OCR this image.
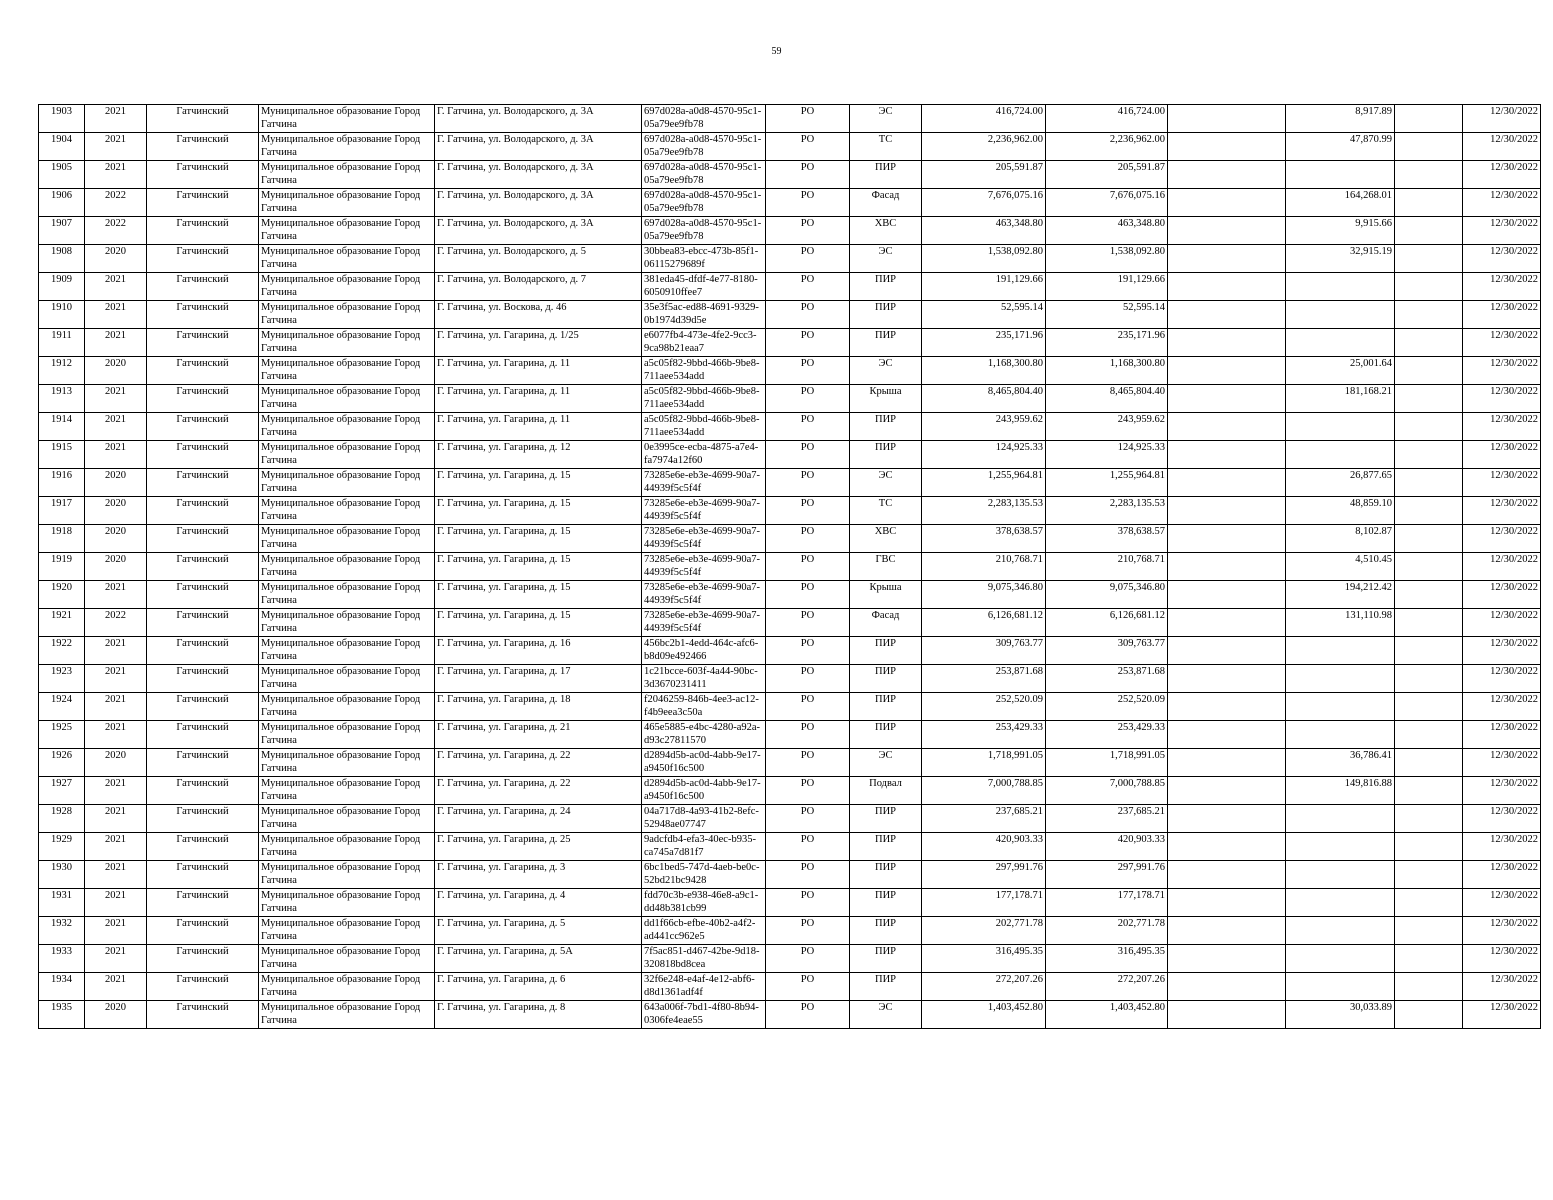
59
1903	2021	Гатчинский	Муниципальное образование Город Гатчина	Г. Гатчина, ул. Володарского, д. 3А	697d028a-a0d8-4570-95c1-05a79ee9fb78	РО	ЭС	416,724.00	416,724.00		8,917.89		12/30/2022
1904	2021	Гатчинский	Муниципальное образование Город Гатчина	Г. Гатчина, ул. Володарского, д. 3А	697d028a-a0d8-4570-95c1-05a79ee9fb78	РО	ТС	2,236,962.00	2,236,962.00		47,870.99		12/30/2022
1905	2021	Гатчинский	Муниципальное образование Город Гатчина	Г. Гатчина, ул. Володарского, д. 3А	697d028a-a0d8-4570-95c1-05a79ee9fb78	РО	ПИР	205,591.87	205,591.87				12/30/2022
1906	2022	Гатчинский	Муниципальное образование Город Гатчина	Г. Гатчина, ул. Володарского, д. 3А	697d028a-a0d8-4570-95c1-05a79ee9fb78	РО	Фасад	7,676,075.16	7,676,075.16		164,268.01		12/30/2022
1907	2022	Гатчинский	Муниципальное образование Город Гатчина	Г. Гатчина, ул. Володарского, д. 3А	697d028a-a0d8-4570-95c1-05a79ee9fb78	РО	ХВС	463,348.80	463,348.80		9,915.66		12/30/2022
1908	2020	Гатчинский	Муниципальное образование Город Гатчина	Г. Гатчина, ул. Володарского, д. 5	30bbea83-ebcc-473b-85f1-06115279689f	РО	ЭС	1,538,092.80	1,538,092.80		32,915.19		12/30/2022
1909	2021	Гатчинский	Муниципальное образование Город Гатчина	Г. Гатчина, ул. Володарского, д. 7	381eda45-dfdf-4e77-8180-6050910ffee7	РО	ПИР	191,129.66	191,129.66				12/30/2022
1910	2021	Гатчинский	Муниципальное образование Город Гатчина	Г. Гатчина, ул. Воскова, д. 46	35e3f5ac-ed88-4691-9329-0b1974d39d5e	РО	ПИР	52,595.14	52,595.14				12/30/2022
1911	2021	Гатчинский	Муниципальное образование Город Гатчина	Г. Гатчина, ул. Гагарина, д. 1/25	e6077fb4-473e-4fe2-9cc3-9ca98b21eaa7	РО	ПИР	235,171.96	235,171.96				12/30/2022
1912	2020	Гатчинский	Муниципальное образование Город Гатчина	Г. Гатчина, ул. Гагарина, д. 11	a5c05f82-9bbd-466b-9be8-711aee534add	РО	ЭС	1,168,300.80	1,168,300.80		25,001.64		12/30/2022
1913	2021	Гатчинский	Муниципальное образование Город Гатчина	Г. Гатчина, ул. Гагарина, д. 11	a5c05f82-9bbd-466b-9be8-711aee534add	РО	Крыша	8,465,804.40	8,465,804.40		181,168.21		12/30/2022
1914	2021	Гатчинский	Муниципальное образование Город Гатчина	Г. Гатчина, ул. Гагарина, д. 11	a5c05f82-9bbd-466b-9be8-711aee534add	РО	ПИР	243,959.62	243,959.62				12/30/2022
1915	2021	Гатчинский	Муниципальное образование Город Гатчина	Г. Гатчина, ул. Гагарина, д. 12	0e3995ce-ecba-4875-a7e4-fa7974a12f60	РО	ПИР	124,925.33	124,925.33				12/30/2022
1916	2020	Гатчинский	Муниципальное образование Город Гатчина	Г. Гатчина, ул. Гагарина, д. 15	73285e6e-eb3e-4699-90a7-44939f5c5f4f	РО	ЭС	1,255,964.81	1,255,964.81		26,877.65		12/30/2022
1917	2020	Гатчинский	Муниципальное образование Город Гатчина	Г. Гатчина, ул. Гагарина, д. 15	73285e6e-eb3e-4699-90a7-44939f5c5f4f	РО	ТС	2,283,135.53	2,283,135.53		48,859.10		12/30/2022
1918	2020	Гатчинский	Муниципальное образование Город Гатчина	Г. Гатчина, ул. Гагарина, д. 15	73285e6e-eb3e-4699-90a7-44939f5c5f4f	РО	ХВС	378,638.57	378,638.57		8,102.87		12/30/2022
1919	2020	Гатчинский	Муниципальное образование Город Гатчина	Г. Гатчина, ул. Гагарина, д. 15	73285e6e-eb3e-4699-90a7-44939f5c5f4f	РО	ГВС	210,768.71	210,768.71		4,510.45		12/30/2022
1920	2021	Гатчинский	Муниципальное образование Город Гатчина	Г. Гатчина, ул. Гагарина, д. 15	73285e6e-eb3e-4699-90a7-44939f5c5f4f	РО	Крыша	9,075,346.80	9,075,346.80		194,212.42		12/30/2022
1921	2022	Гатчинский	Муниципальное образование Город Гатчина	Г. Гатчина, ул. Гагарина, д. 15	73285e6e-eb3e-4699-90a7-44939f5c5f4f	РО	Фасад	6,126,681.12	6,126,681.12		131,110.98		12/30/2022
1922	2021	Гатчинский	Муниципальное образование Город Гатчина	Г. Гатчина, ул. Гагарина, д. 16	456bc2b1-4edd-464c-afc6-b8d09e492466	РО	ПИР	309,763.77	309,763.77				12/30/2022
1923	2021	Гатчинский	Муниципальное образование Город Гатчина	Г. Гатчина, ул. Гагарина, д. 17	1c21bcce-603f-4a44-90bc-3d3670231411	РО	ПИР	253,871.68	253,871.68				12/30/2022
1924	2021	Гатчинский	Муниципальное образование Город Гатчина	Г. Гатчина, ул. Гагарина, д. 18	f2046259-846b-4ee3-ac12-f4b9eea3c50a	РО	ПИР	252,520.09	252,520.09				12/30/2022
1925	2021	Гатчинский	Муниципальное образование Город Гатчина	Г. Гатчина, ул. Гагарина, д. 21	465e5885-e4bc-4280-a92a-d93c27811570	РО	ПИР	253,429.33	253,429.33				12/30/2022
1926	2020	Гатчинский	Муниципальное образование Город Гатчина	Г. Гатчина, ул. Гагарина, д. 22	d2894d5b-ac0d-4abb-9e17-a9450f16c500	РО	ЭС	1,718,991.05	1,718,991.05		36,786.41		12/30/2022
1927	2021	Гатчинский	Муниципальное образование Город Гатчина	Г. Гатчина, ул. Гагарина, д. 22	d2894d5b-ac0d-4abb-9e17-a9450f16c500	РО	Подвал	7,000,788.85	7,000,788.85		149,816.88		12/30/2022
1928	2021	Гатчинский	Муниципальное образование Город Гатчина	Г. Гатчина, ул. Гагарина, д. 24	04a717d8-4a93-41b2-8efc-52948ae07747	РО	ПИР	237,685.21	237,685.21				12/30/2022
1929	2021	Гатчинский	Муниципальное образование Город Гатчина	Г. Гатчина, ул. Гагарина, д. 25	9adcfdb4-efa3-40ec-b935-ca745a7d81f7	РО	ПИР	420,903.33	420,903.33				12/30/2022
1930	2021	Гатчинский	Муниципальное образование Город Гатчина	Г. Гатчина, ул. Гагарина, д. 3	6bc1bed5-747d-4aeb-be0c-52bd21bc9428	РО	ПИР	297,991.76	297,991.76				12/30/2022
1931	2021	Гатчинский	Муниципальное образование Город Гатчина	Г. Гатчина, ул. Гагарина, д. 4	fdd70c3b-e938-46e8-a9c1-dd48b381cb99	РО	ПИР	177,178.71	177,178.71				12/30/2022
1932	2021	Гатчинский	Муниципальное образование Город Гатчина	Г. Гатчина, ул. Гагарина, д. 5	dd1f66cb-efbe-40b2-a4f2-ad441cc962e5	РО	ПИР	202,771.78	202,771.78				12/30/2022
1933	2021	Гатчинский	Муниципальное образование Город Гатчина	Г. Гатчина, ул. Гагарина, д. 5А	7f5ac851-d467-42be-9d18-320818bd8cea	РО	ПИР	316,495.35	316,495.35				12/30/2022
1934	2021	Гатчинский	Муниципальное образование Город Гатчина	Г. Гатчина, ул. Гагарина, д. 6	32f6e248-e4af-4e12-abf6-d8d1361adf4f	РО	ПИР	272,207.26	272,207.26				12/30/2022
1935	2020	Гатчинский	Муниципальное образование Город Гатчина	Г. Гатчина, ул. Гагарина, д. 8	643a006f-7bd1-4f80-8b94-0306fe4eae55	РО	ЭС	1,403,452.80	1,403,452.80		30,033.89		12/30/2022
